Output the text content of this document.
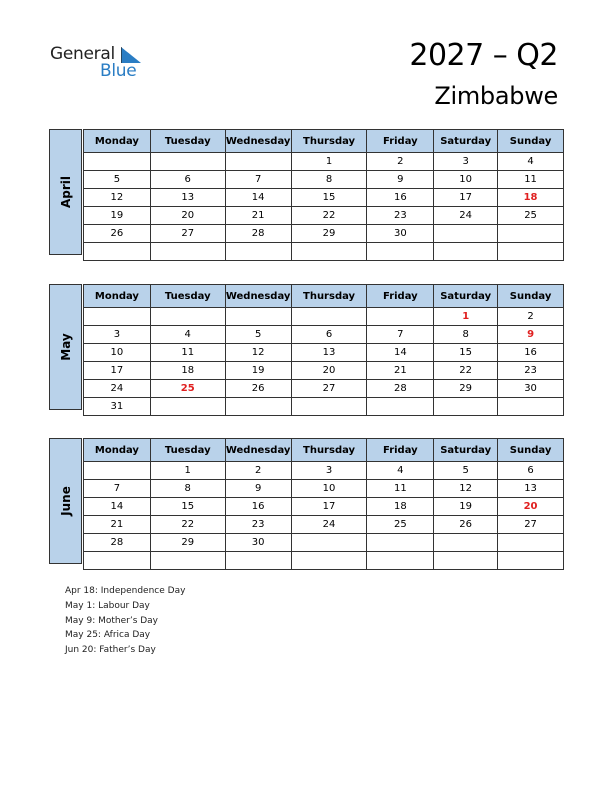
General
Blue	2027 – Q2
Zimbabwe
April
Monday	Tuesday	Wednesday	Thursday	Friday	Saturday	Sunday
			1	2	3	4
5	6	7	8	9	10	11
12	13	14	15	16	17	18
19	20	21	22	23	24	25
26	27	28	29	30		

May
Monday	Tuesday	Wednesday	Thursday	Friday	Saturday	Sunday
					1	2
3	4	5	6	7	8	9
10	11	12	13	14	15	16
17	18	19	20	21	22	23
24	25	26	27	28	29	30
31						
June
Monday	Tuesday	Wednesday	Thursday	Friday	Saturday	Sunday
	1	2	3	4	5	6
7	8	9	10	11	12	13
14	15	16	17	18	19	20
21	22	23	24	25	26	27
28	29	30				

Apr 18: Independence Day
May 1: Labour Day
May 9: Mother’s Day
May 25: Africa Day
Jun 20: Father’s Day
